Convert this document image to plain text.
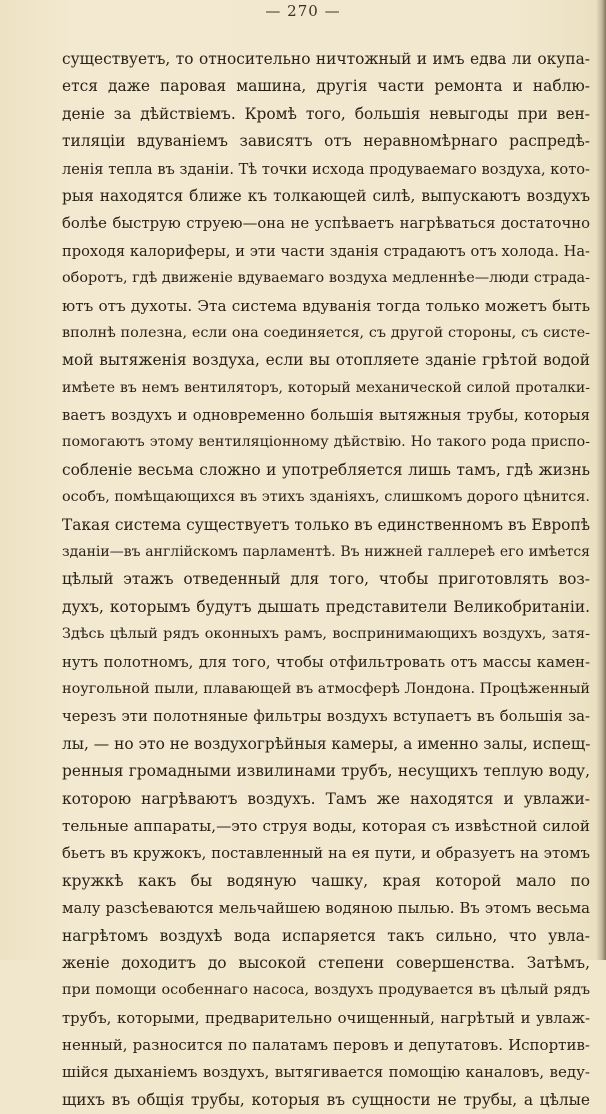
— 270 —
существуетъ, то относительно ничтожный и имъ едва ли окупа-
ется даже паровая машина, другія части ремонта и наблю-
деніе за дѣйствіемъ. Кромѣ того, большія невыгоды при вен-
тиляціи вдуваніемъ зависятъ отъ неравномѣрнаго распредѣ-
ленія тепла въ зданіи. Тѣ точки исхода продуваемаго воздуха, кото-
рыя находятся ближе къ толкающей силѣ, выпускаютъ воздухъ
болѣе быструю струею—она не успѣваетъ нагрѣваться достаточно
проходя калориферы, и эти части зданія страдаютъ отъ холода. На-
оборотъ, гдѣ движеніе вдуваемаго воздуха медленнѣе—люди страда-
ютъ отъ духоты. Эта система вдуванія тогда только можетъ быть
вполнѣ полезна, если она соединяется, съ другой стороны, съ систе-
мой вытяженія воздуха, если вы отопляете зданіе грѣтой водой
имѣете въ немъ вентиляторъ, который механической силой проталки-
ваетъ воздухъ и одновременно большія вытяжныя трубы, которыя
помогаютъ этому вентиляціонному дѣйствію. Но такого рода приспо-
собленіе весьма сложно и употребляется лишь тамъ, гдѣ жизнь
особъ, помѣщающихся въ этихъ зданіяхъ, слишкомъ дорого цѣнится.
Такая система существуетъ только въ единственномъ въ Европѣ
зданіи—въ англійскомъ парламентѣ. Въ нижней галлереѣ его имѣется
цѣлый этажъ отведенный для того, чтобы приготовлять воз-
духъ, которымъ будутъ дышать представители Великобританіи.
Здѣсь цѣлый рядъ оконныхъ рамъ, воспринимающихъ воздухъ, затя-
нутъ полотномъ, для того, чтобы отфильтровать отъ массы камен-
ноугольной пыли, плавающей въ атмосферѣ Лондона. Процѣженный
черезъ эти полотняные фильтры воздухъ вступаетъ въ большія за-
лы, — но это не воздухогрѣйныя камеры, а именно залы, испещ-
ренныя громадными извилинами трубъ, несущихъ теплую воду,
которою нагрѣваютъ воздухъ. Тамъ же находятся и увлажи-
тельные аппараты,—это струя воды, которая съ извѣстной силой
бьетъ въ кружокъ, поставленный на ея пути, и образуетъ на этомъ
кружкѣ какъ бы водяную чашку, края которой мало по
малу разсѣеваются мельчайшею водяною пылью. Въ этомъ весьма
нагрѣтомъ воздухѣ вода испаряется такъ сильно, что увла-
женіе доходитъ до высокой степени совершенства. Затѣмъ,
при помощи особеннаго насоса, воздухъ продувается въ цѣлый рядъ
трубъ, которыми, предварительно очищенный, нагрѣтый и увлаж-
ненный, разносится по палатамъ перовъ и депутатовъ. Испортив-
шійся дыханіемъ воздухъ, вытягивается помощію каналовъ, веду-
щихъ въ общія трубы, которыя въ сущности не трубы, а цѣлые
